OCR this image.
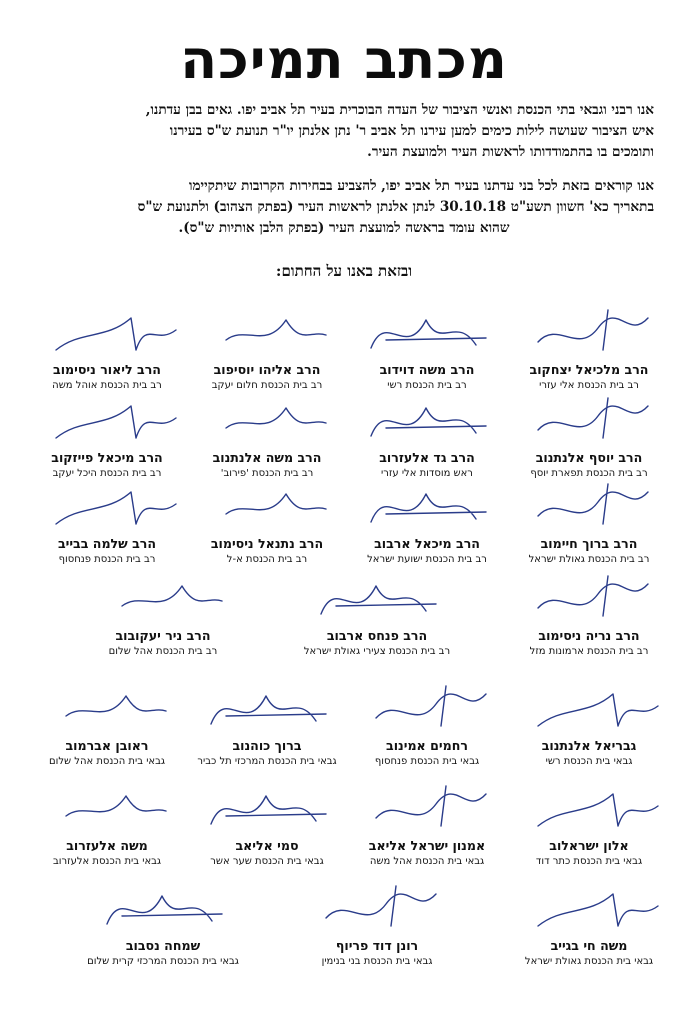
מכתב תמיכה
אנו רבני וגבאי בתי הכנסת ואנשי הציבור של העדה הבוכרית בעיר תל אביב יפו. גאים בבן עדתנו,
איש הציבור שעושה לילות כימים למען עירנו תל אביב ר' נתן אלנתן יו"ר תנועת ש"ס בעירנו
ותומכים בו בהתמודדותו לראשות העיר ולמועצת העיר.
אנו קוראים בזאת לכל בני עדתנו בעיר תל אביב יפו, להצביע בבחירות הקרובות שיתקיימו
בתאריך כא' חשוון תשע"ט 30.10.18 לנתן אלנתן לראשות העיר (בפתק הצהוב) ולתנועת ש"ס
שהוא עומד בראשה למועצת העיר (בפתק הלבן אותיות ש"ס).
ובזאת באנו על החתום:
הרב מלכיאל יצחקוב
רב בית הכנסת אלי עזרי
הרב משה דוידוב
רב בית הכנסת רשי
הרב אליהו יוסיפוב
רב בית הכנסת חלום יעקב
הרב ליאור ניסימוב
רב בית הכנסת אוהל משה
הרב יוסף אלנתנוב
רב בית הכנסת תפארת יוסף
הרב גד אלעזרוב
ראש מוסדות אלי עזרי
הרב משה אלנתנוב
רב בית הכנסת 'פירוב'
הרב מיכאל פייזקוב
רב בית הכנסת היכל יעקב
הרב ברוך חיימוב
רב בית הכנסת גאולת ישראל
הרב מיכאל ארבוב
רב בית הכנסת ישועת ישראל
הרב נתנאל ניסימוב
רב בית הכנסת א-ל
הרב שלמה בבייב
רב בית הכנסת פנחסוף
הרב נריה ניסימוב
רב בית הכנסת ארמונות מזל
הרב פנחס ארבוב
רב בית הכנסת צעירי גאולת ישראל
הרב ניר יעקובוב
רב בית הכנסת אהל שלום
גבריאל אלנתנוב
גבאי בית הכנסת רשי
רחמים אמינוב
גבאי בית הכנסת פנחסוף
ברוך כוהנוב
גבאי בית הכנסת המרכזי תל כביר
ראובן אברמוב
גבאי בית הכנסת אהל שלום
אלון ישראלוב
גבאי בית הכנסת כתר דוד
אמנון ישראל אליאב
גבאי בית הכנסת אהל משה
סמי אליאב
גבאי בית הכנסת שער אשר
משה אלעזרוב
גבאי בית הכנסת אלעזרוב
משה חי בגייב
גבאי בית הכנסת גאולת ישראל
רונן דוד פריוף
גבאי בית הכנסת בני בנימין
שמחה נסבוב
גבאי בית הכנסת המרכזי קרית שלום
